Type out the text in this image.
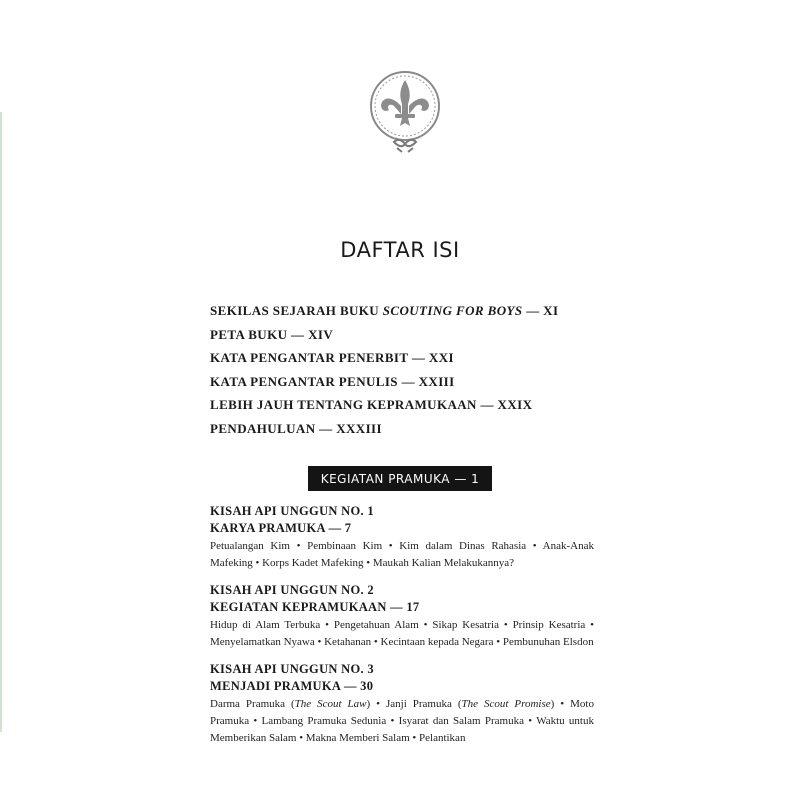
DAFTAR ISI
SEKILAS SEJARAH BUKU SCOUTING FOR BOYS — XI
PETA BUKU — XIV
KATA PENGANTAR PENERBIT — XXI
KATA PENGANTAR PENULIS — XXIII
LEBIH JAUH TENTANG KEPRAMUKAAN — XXIX
PENDAHULUAN — XXXIII
KEGIATAN PRAMUKA — 1
KISAH API UNGGUN NO. 1
KARYA PRAMUKA — 7
Petualangan Kim • Pembinaan Kim • Kim dalam Dinas Rahasia • Anak-Anak Mafeking • Korps Kadet Mafeking • Maukah Kalian Melakukannya?
KISAH API UNGGUN NO. 2
KEGIATAN KEPRAMUKAAN — 17
Hidup di Alam Terbuka • Pengetahuan Alam • Sikap Kesatria • Prinsip Kesatria • Menyelamatkan Nyawa • Ketahanan • Kecintaan kepada Negara • Pembunuhan Elsdon
KISAH API UNGGUN NO. 3
MENJADI PRAMUKA — 30
Darma Pramuka (The Scout Law) • Janji Pramuka (The Scout Promise) • Moto Pramuka • Lambang Pramuka Sedunia • Isyarat dan Salam Pramuka • Waktu untuk Memberikan Salam • Makna Memberi Salam • Pelantikan
